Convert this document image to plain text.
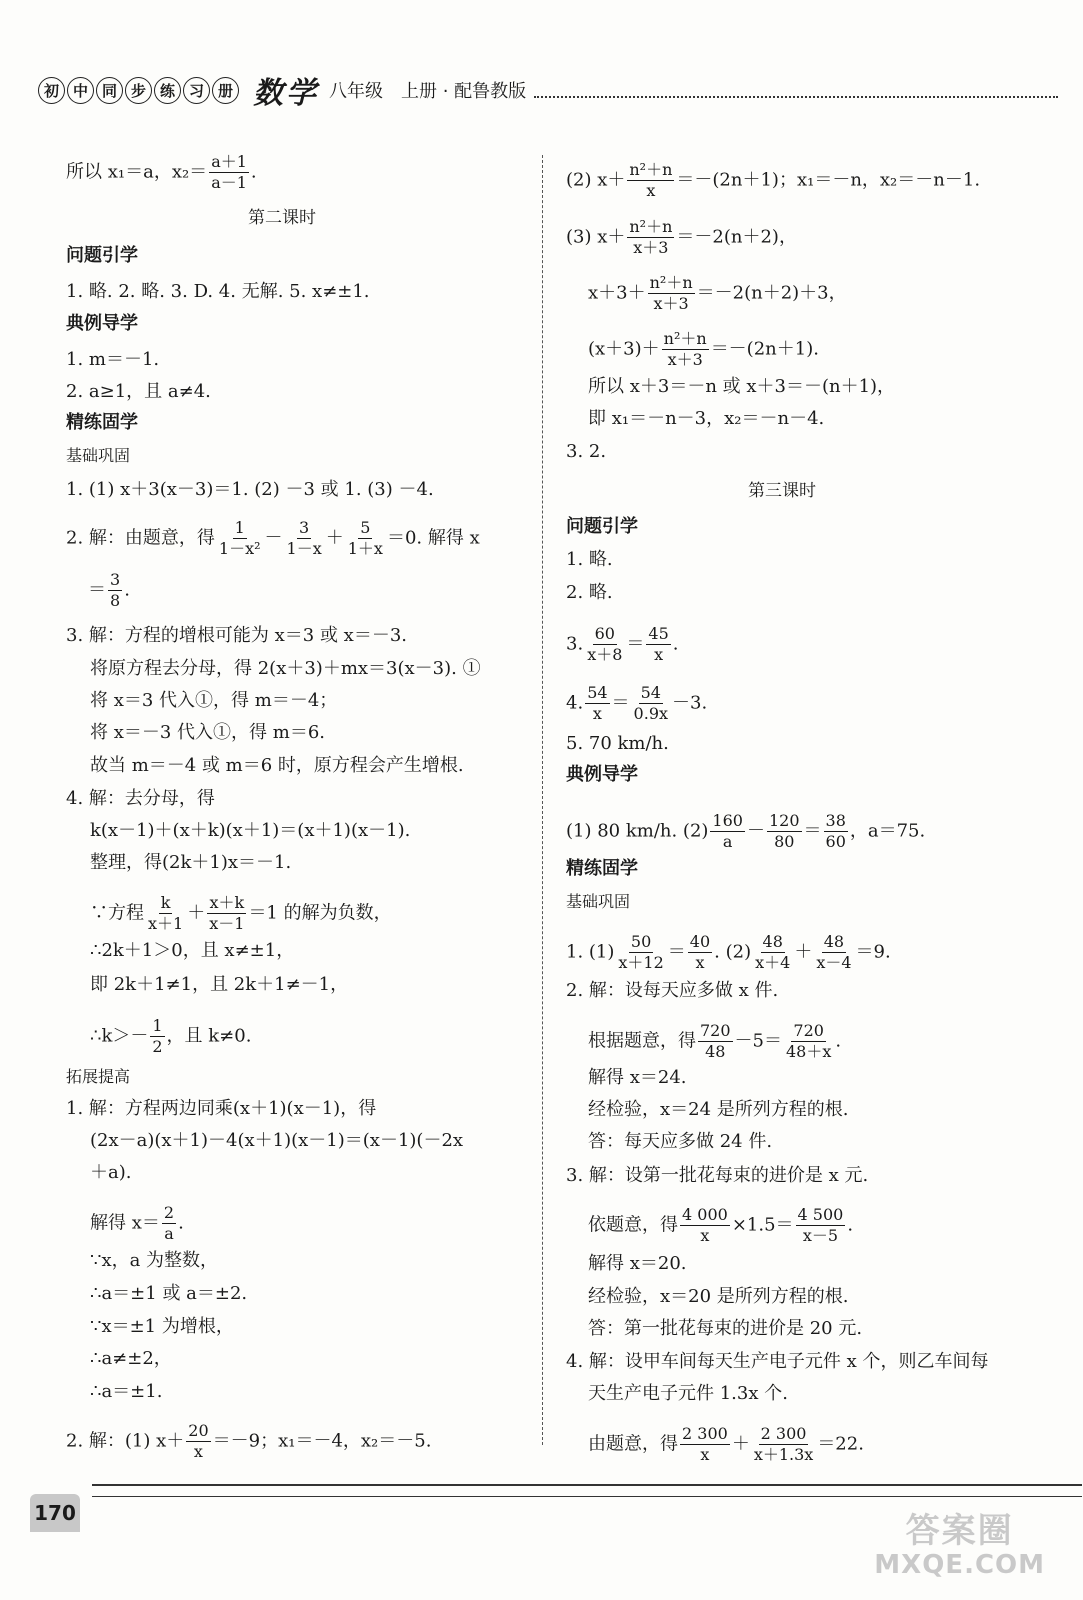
初 中 同 步 练 习 册 数学 八年级 上册 · 配鲁教版
所以 x₁＝a，$x_2= \frac{a+1}{a-1}$ .
第二课时
问题引学
1. 略. 2. 略. 3. D. 4. 无解. 5. x≠±1.
典例导学
1. m＝－1.
2. a≥1，且 a≠4.
精练固学
基础巩固
1. (1) x＋3(x－3)＝1. (2) －3 或 1. (3) －4.
2. 解：由题意，得 $\frac{1}{\text{1－x²}} - \frac{3}{1-x} + \frac{5}{1+x} =0$. 解得 x
＝ $\frac{3}{8}$ .
3. 解：方程的增根可能为 x＝3 或 x＝－3.
将原方程去分母，得 2(x＋3)＋mx＝3(x－3). ①
将 x＝3 代入①，得 m＝－4；
将 x＝－3 代入①，得 m＝6.
故当 m＝－4 或 m＝6 时，原方程会产生增根.
4. 解：去分母，得
k(x－1)＋(x＋k)(x＋1)＝(x＋1)(x－1).
整理，得(2k＋1)x＝－1.
∵方程 $\frac{k}{x+1} + \frac{x+k}{x-1} =1$ 的解为负数，
∴2k＋1＞0，且 x≠±1，
即 2k＋1≠1，且 2k＋1≠－1，
∴k＞－ $\frac{1}{2}$ ，且 k≠0.
拓展提高
1. 解：方程两边同乘(x＋1)(x－1)，得
(2x－a)(x＋1)－4(x＋1)(x－1)＝(x－1)(－2x
＋a).
解得 $x= \frac{2}{a}$ .
∵x，a 为整数，
∴a＝±1 或 a＝±2.
∵x＝±1 为增根，
∴a≠±2，
∴a＝±1.
2. 解：(1) $x+ \frac{20}{x} =-9$；x₁＝－4，x₂＝－5.
(2) $x+ \frac{\text{n²＋n}}{x} =-(2n+1)$；x₁＝－n，x₂＝－n－1.
(3) $x+ \frac{\text{n²＋n}}{x+3} =-2(n+2)$，
$x+3+ \frac{\text{n²＋n}}{x+3} =-2(n+2)+3$，
$(x+3)+ \frac{\text{n²＋n}}{x+3} =-(2n+1)$.
所以 x＋3＝－n 或 x＋3＝－(n＋1)，
即 x₁＝－n－3，x₂＝－n－4.
3. 2.
第三课时
问题引学
1. 略.
2. 略.
3. $\frac{60}{x+8} = \frac{45}{x}$ .
4. $\frac{54}{x} = \frac{54}{0.9x} -3$.
5. 70 km/h.
典例导学
(1) 80 km/h. $(2) \frac{160}{a} - \frac{120}{80} = \frac{38}{60}$ ，a＝75.
精练固学
基础巩固
1. $(1) \frac{50}{x+12} = \frac{40}{x}$ . $(2) \frac{48}{x+4} + \frac{48}{x-4} =9$.
2. 解：设每天应多做 x 件.
根据题意，得 $\frac{720}{48} -5= \frac{720}{48+x}$ .
解得 x＝24.
经检验，x＝24 是所列方程的根.
答：每天应多做 24 件.
3. 解：设第一批花每束的进价是 x 元.
依题意，得 $\frac{4 000}{x} \times 1.5= \frac{4 500}{x-5}$ .
解得 x＝20.
经检验，x＝20 是所列方程的根.
答：第一批花每束的进价是 20 元.
4. 解：设甲车间每天生产电子元件 x 个，则乙车间每
天生产电子元件 1.3x 个.
由题意，得 $\frac{2 300}{x} + \frac{2 300}{x+1.3x} =22$.
170	答案圈
MXQE.COM
